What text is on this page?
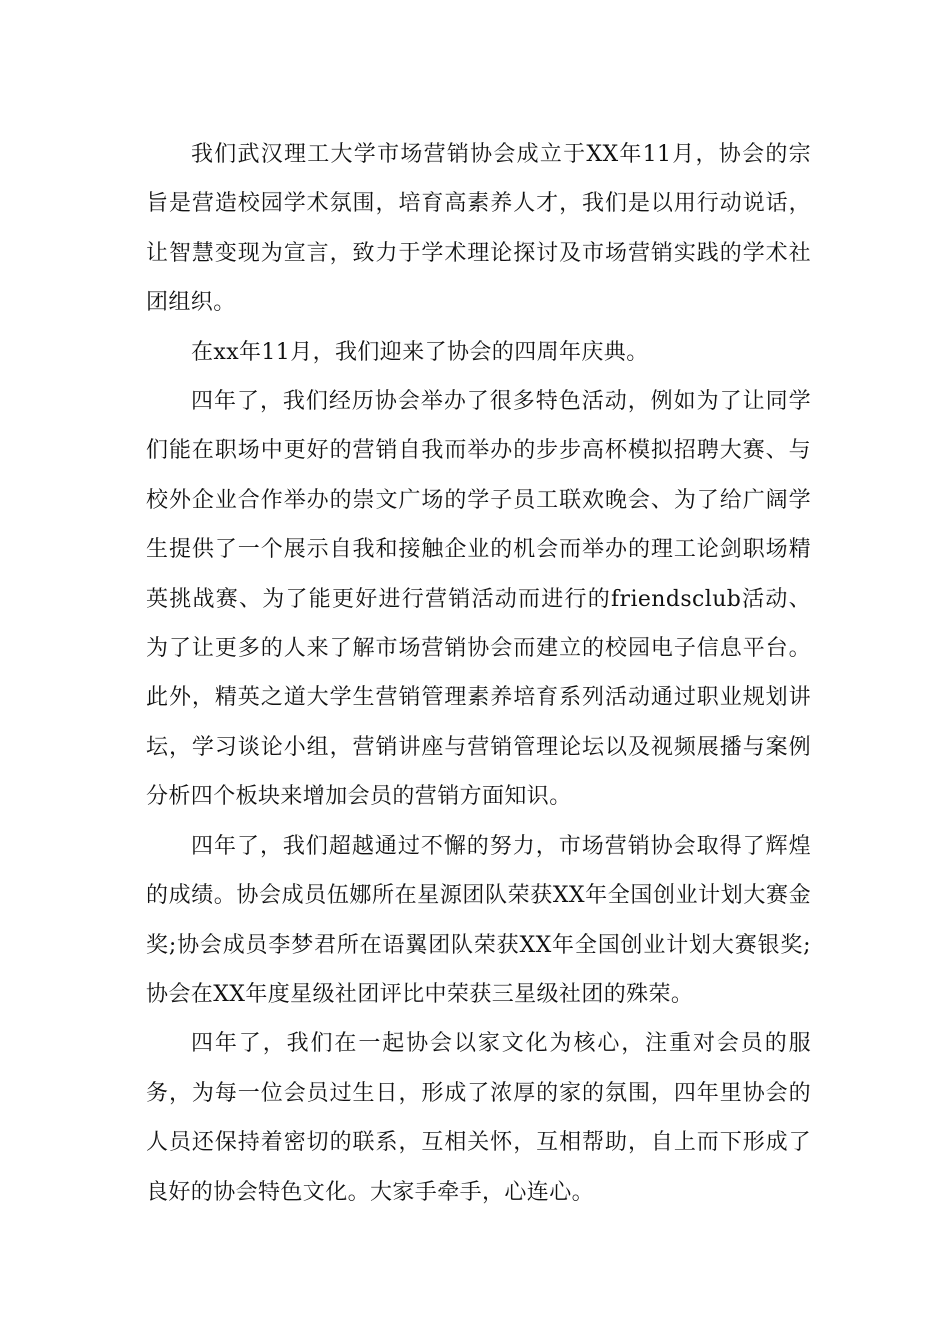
我们武汉理工大学市场营销协会成立于XX年11月，协会的宗旨是营造校园学术氛围，培育高素养人才，我们是以用行动说话，让智慧变现为宣言，致力于学术理论探讨及市场营销实践的学术社团组织。

在xx年11月，我们迎来了协会的四周年庆典。

四年了，我们经历协会举办了很多特色活动，例如为了让同学们能在职场中更好的营销自我而举办的步步高杯模拟招聘大赛、与校外企业合作举办的崇文广场的学子员工联欢晚会、为了给广阔学生提供了一个展示自我和接触企业的机会而举办的理工论剑职场精英挑战赛、为了能更好进行营销活动而进行的friendsclub活动、为了让更多的人来了解市场营销协会而建立的校园电子信息平台。此外，精英之道大学生营销管理素养培育系列活动通过职业规划讲坛，学习谈论小组，营销讲座与营销管理论坛以及视频展播与案例分析四个板块来增加会员的营销方面知识。

四年了，我们超越通过不懈的努力，市场营销协会取得了辉煌的成绩。协会成员伍娜所在星源团队荣获XX年全国创业计划大赛金奖;协会成员李梦君所在语翼团队荣获XX年全国创业计划大赛银奖;协会在XX年度星级社团评比中荣获三星级社团的殊荣。

四年了，我们在一起协会以家文化为核心，注重对会员的服务，为每一位会员过生日，形成了浓厚的家的氛围，四年里协会的人员还保持着密切的联系，互相关怀，互相帮助，自上而下形成了良好的协会特色文化。大家手牵手，心连心。
